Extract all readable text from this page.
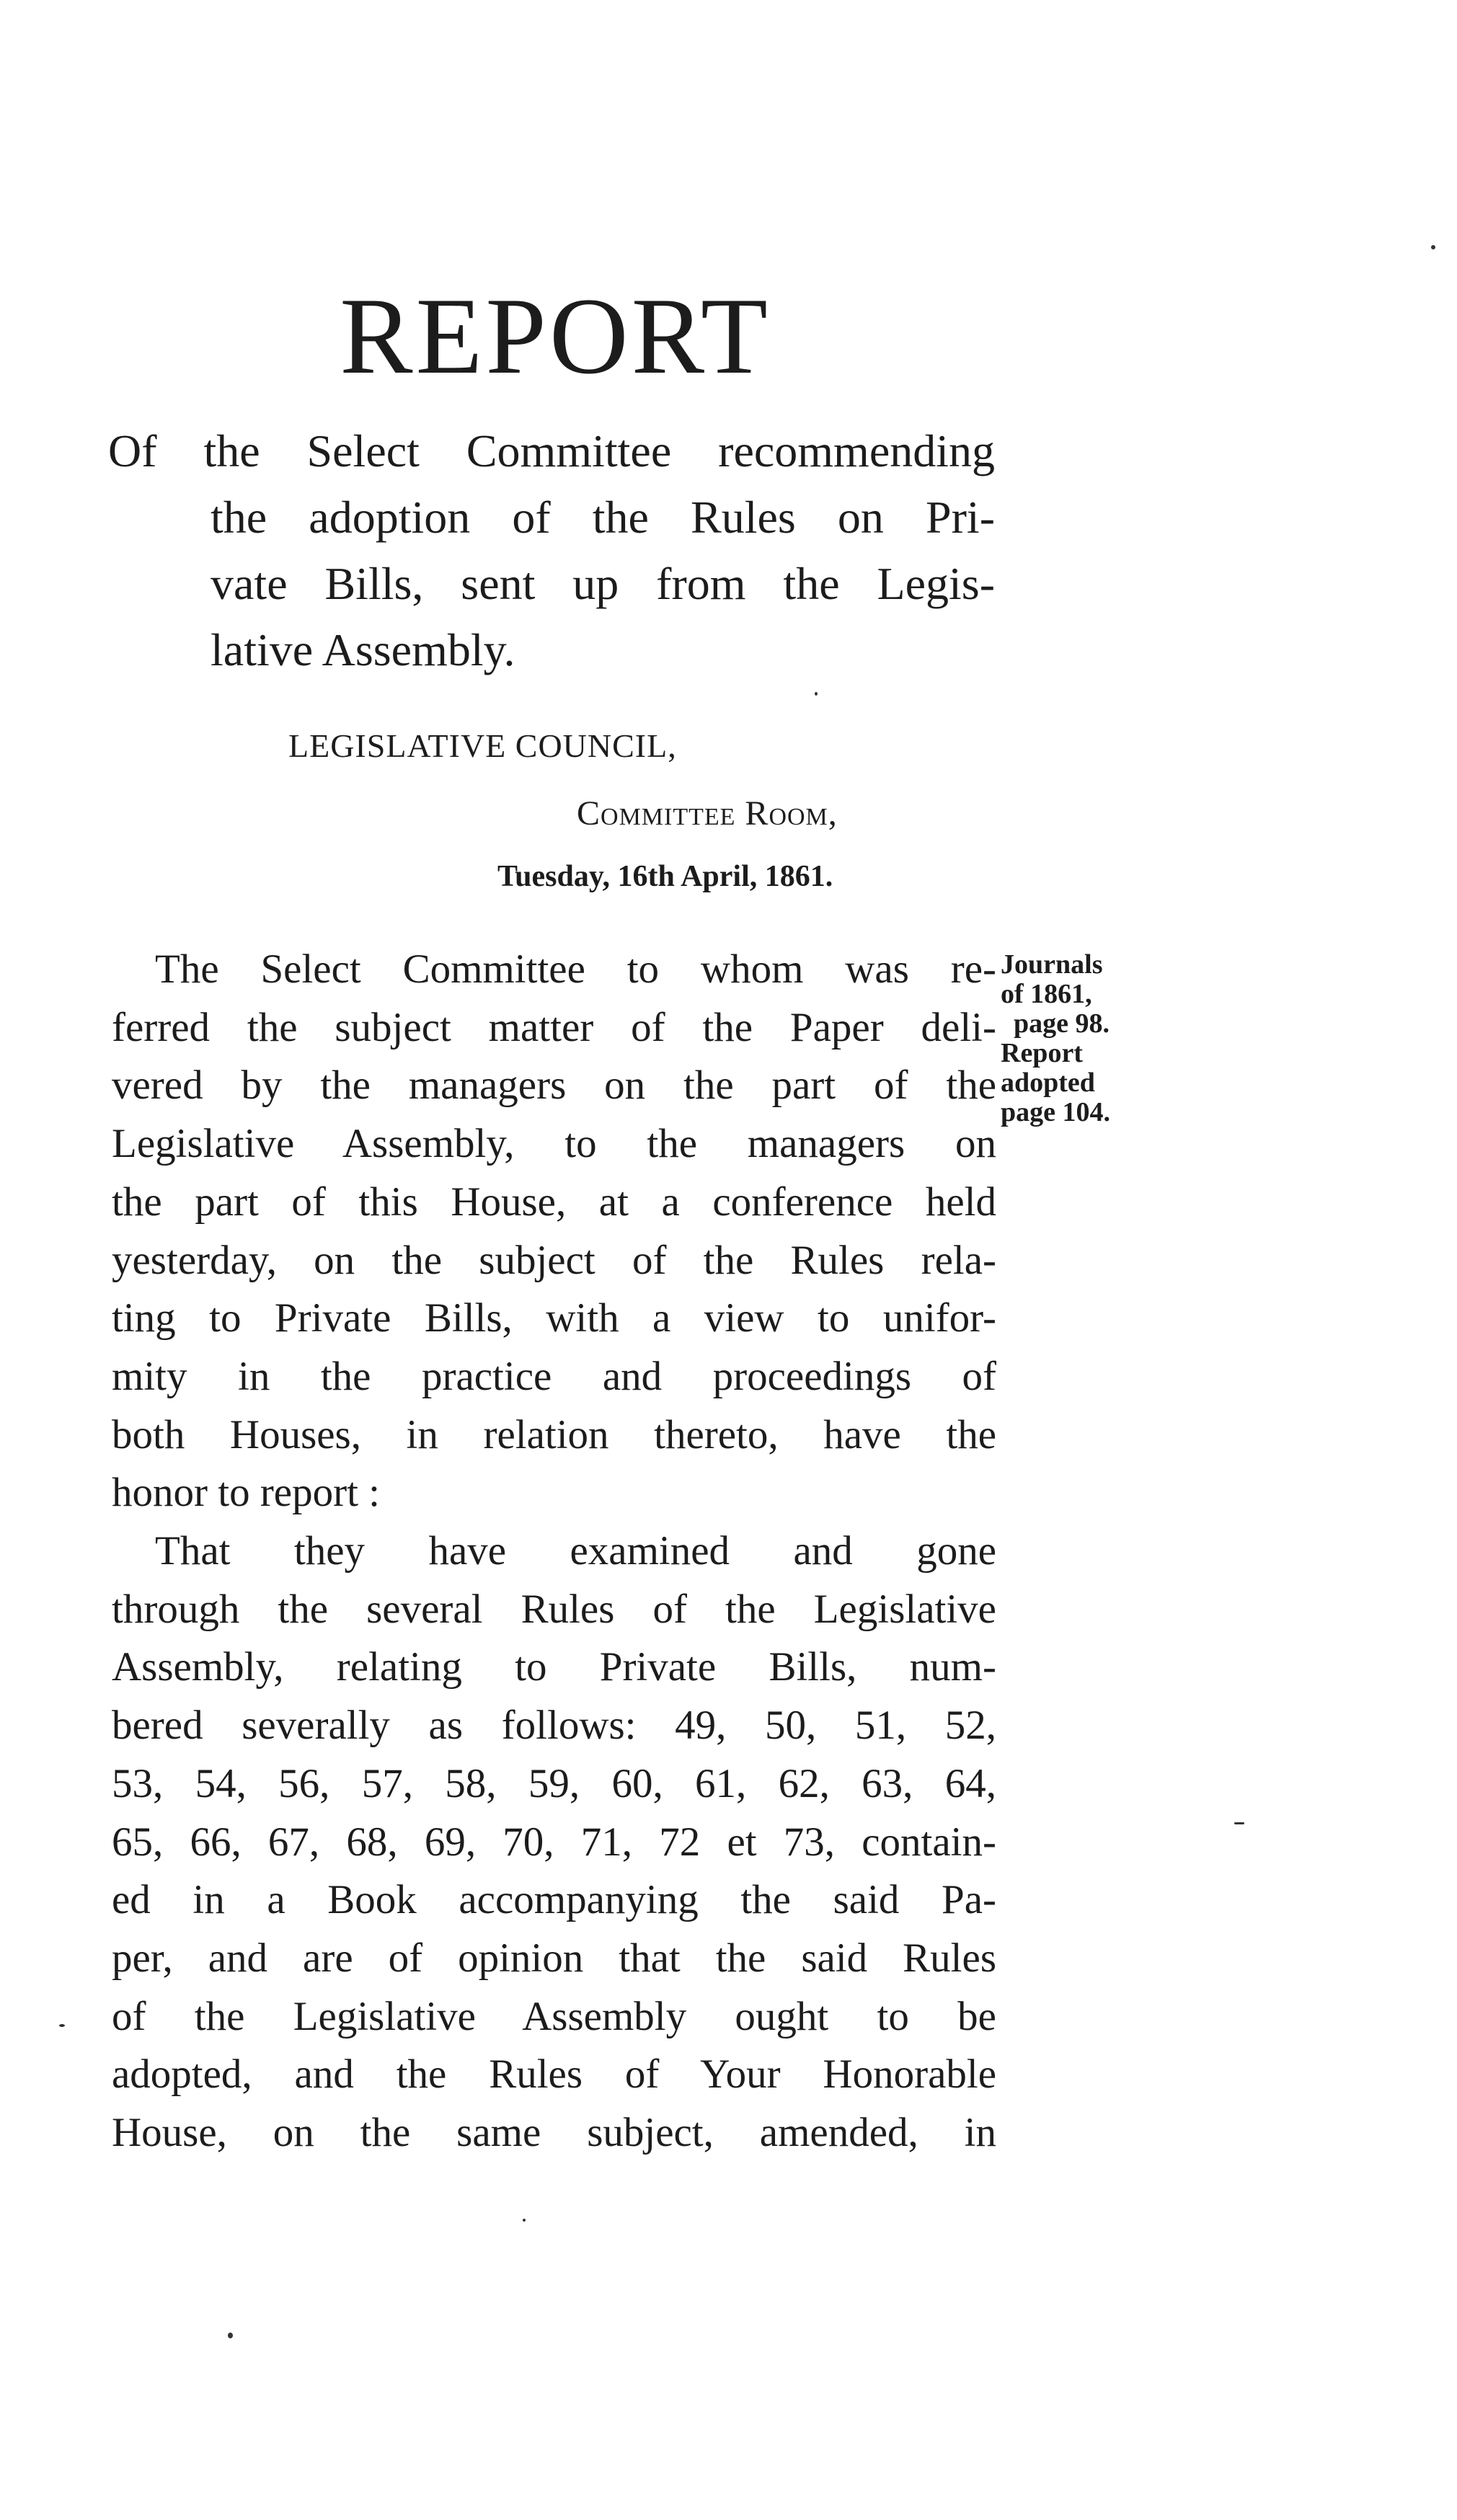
REPORT
Of the Select Committee recommending
the adoption of the Rules on Pri-
vate Bills, sent up from the Legis-
lative Assembly.

LEGISLATIVE COUNCIL,

Committee Room,

Tuesday, 16th April, 1861.

The Select Committee to whom was re-
ferred the subject matter of the Paper deli-
vered by the managers on the part of the
Legislative Assembly, to the managers on
the part of this House, at a conference held
yesterday, on the subject of the Rules rela-
ting to Private Bills, with a view to unifor-
mity in the practice and proceedings of
both Houses, in relation thereto, have the
honor to report :
That they have examined and gone
through the several Rules of the Legislative
Assembly, relating to Private Bills, num-
bered severally as follows: 49, 50, 51, 52,
53, 54, 56, 57, 58, 59, 60, 61, 62, 63, 64,
65, 66, 67, 68, 69, 70, 71, 72 et 73, contain-
ed in a Book accompanying the said Pa-
per, and are of opinion that the said Rules
of the Legislative Assembly ought to be
adopted, and the Rules of Your Honorable
House, on the same subject, amended, in
Journals
of 1861,
page 98.
Report
adopted
page 104.
